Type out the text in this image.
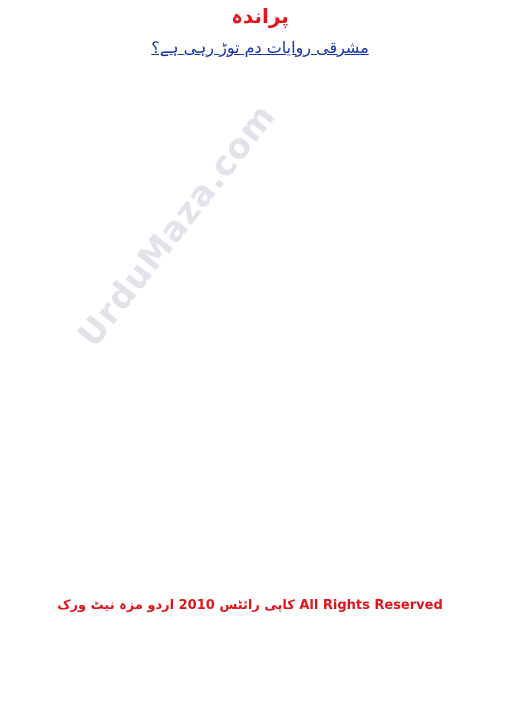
پراندہ
مشرقی روایات دم توڑ رہی ہے؟
UrduMaza.com
کاپی رائٹس 2010 اردو مزہ نیٹ ورک All Rights Reserved
